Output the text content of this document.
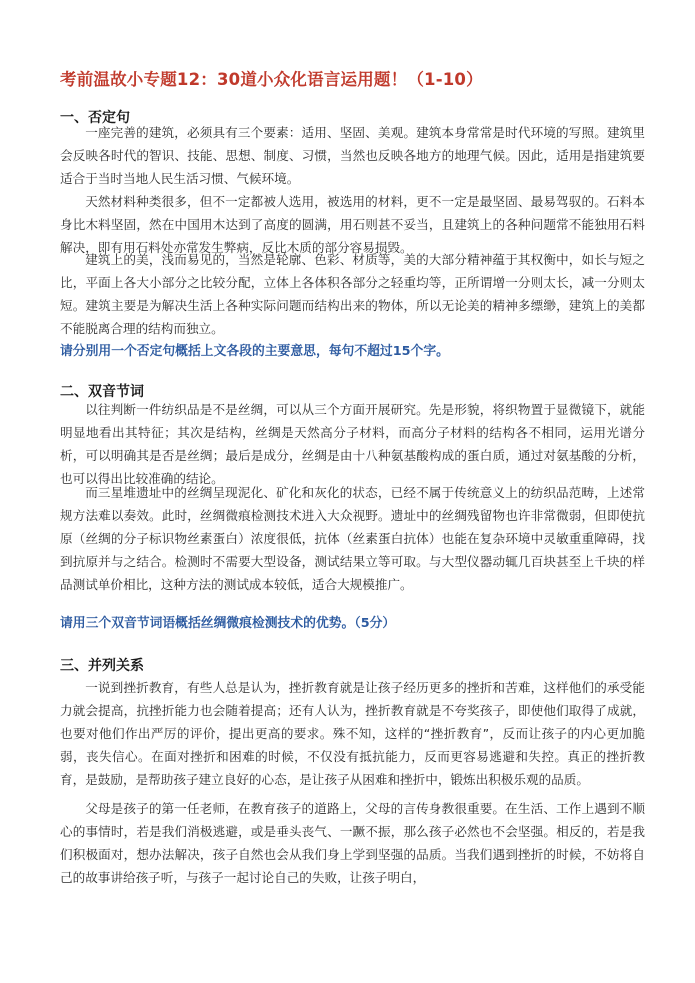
考前温故小专题12：30道小众化语言运用题！（1-10）
一、否定句

一座完善的建筑，必须具有三个要素：适用、坚固、美观。建筑本身常常是时代环境的写照。建筑里会反映各时代的智识、技能、思想、制度、习惯，当然也反映各地方的地理气候。因此，适用是指建筑要适合于当时当地人民生活习惯、气候环境。

天然材料种类很多，但不一定都被人选用，被选用的材料，更不一定是最坚固、最易驾驭的。石料本身比木料坚固，然在中国用木达到了高度的圆满，用石则甚不妥当，且建筑上的各种问题常不能独用石料解决，即有用石料处亦常发生弊病，反比木质的部分容易损毁。

建筑上的美，浅而易见的，当然是轮廓、色彩、材质等，美的大部分精神蕴于其权衡中，如长与短之比，平面上各大小部分之比较分配，立体上各体积各部分之轻重均等，正所谓增一分则太长，减一分则太短。建筑主要是为解决生活上各种实际问题而结构出来的物体，所以无论美的精神多缥缈，建筑上的美都不能脱离合理的结构而独立。

请分别用一个否定句概括上文各段的主要意思，每句不超过15个字。
二、双音节词

以往判断一件纺织品是不是丝绸，可以从三个方面开展研究。先是形貌，将织物置于显微镜下，就能明显地看出其特征；其次是结构，丝绸是天然高分子材料，而高分子材料的结构各不相同，运用光谱分析，可以明确其是否是丝绸；最后是成分，丝绸是由十八种氨基酸构成的蛋白质，通过对氨基酸的分析，也可以得出比较准确的结论。

而三星堆遗址中的丝绸呈现泥化、矿化和灰化的状态，已经不属于传统意义上的纺织品范畴，上述常规方法难以奏效。此时，丝绸微痕检测技术进入大众视野。遗址中的丝绸残留物也许非常微弱，但即使抗原（丝绸的分子标识物丝素蛋白）浓度很低，抗体（丝素蛋白抗体）也能在复杂环境中灵敏重重障碍，找到抗原并与之结合。检测时不需要大型设备，测试结果立等可取。与大型仪器动辄几百块甚至上千块的样品测试单价相比，这种方法的测试成本较低，适合大规模推广。

请用三个双音节词语概括丝绸微痕检测技术的优势。（5分）
三、并列关系

一说到挫折教育，有些人总是认为，挫折教育就是让孩子经历更多的挫折和苦难，这样他们的承受能力就会提高，抗挫折能力也会随着提高；还有人认为，挫折教育就是不夸奖孩子，即使他们取得了成就，也要对他们作出严厉的评价，提出更高的要求。殊不知，这样的“挫折教育”，反而让孩子的内心更加脆弱，丧失信心。在面对挫折和困难的时候，不仅没有抵抗能力，反而更容易逃避和失控。真正的挫折教育，是鼓励，是帮助孩子建立良好的心态，是让孩子从困难和挫折中，锻炼出积极乐观的品质。

父母是孩子的第一任老师，在教育孩子的道路上，父母的言传身教很重要。在生活、工作上遇到不顺心的事情时，若是我们消极逃避，或是垂头丧气、一蹶不振，那么孩子必然也不会坚强。相反的，若是我们积极面对，想办法解决，孩子自然也会从我们身上学到坚强的品质。当我们遇到挫折的时候，不妨将自己的故事讲给孩子听，与孩子一起讨论自己的失败，让孩子明白，
